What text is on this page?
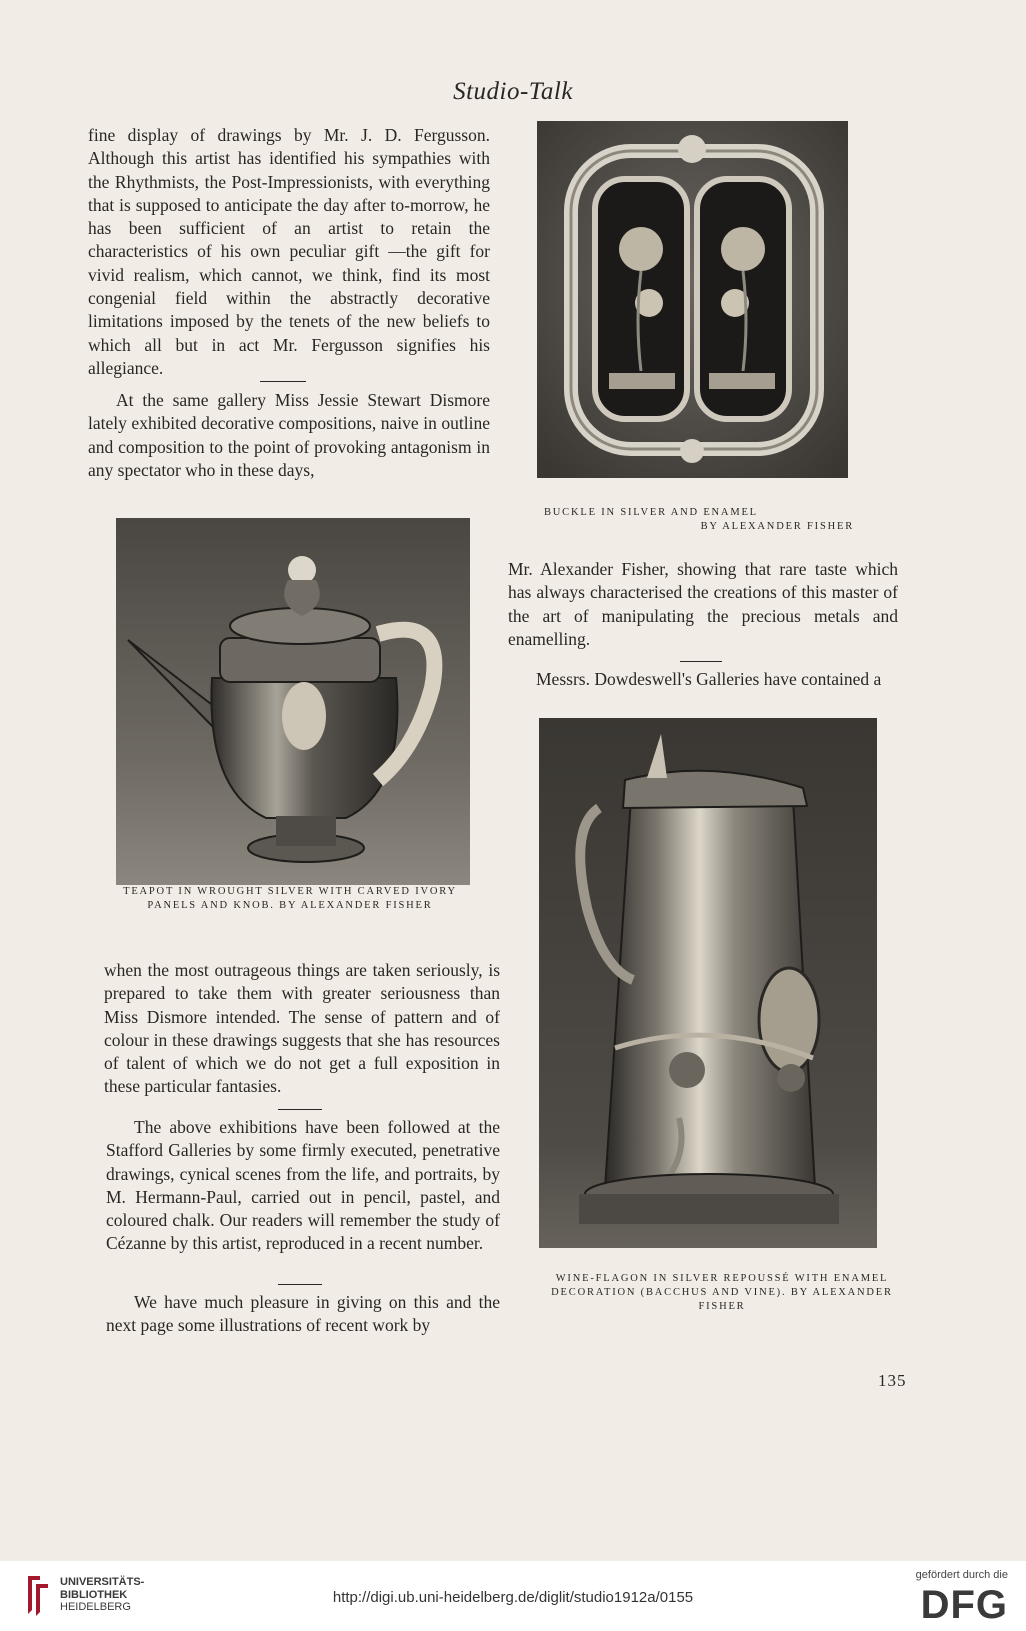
Studio-Talk

fine display of drawings by Mr. J. D. Fergusson. Although this artist has identified his sympathies with the Rhythmists, the Post-Impressionists, with everything that is supposed to anticipate the day after to-morrow, he has been sufficient of an artist to retain the characteristics of his own peculiar gift —the gift for vivid realism, which cannot, we think, find its most congenial field within the abstractly decorative limitations imposed by the tenets of the new beliefs to which all but in act Mr. Fergusson signifies his allegiance.

At the same gallery Miss Jessie Stewart Dismore lately exhibited decorative compositions, naive in outline and composition to the point of provoking antagonism in any spectator who in these days,

BUCKLE IN SILVER AND ENAMEL
BY ALEXANDER FISHER
TEAPOT IN WROUGHT SILVER WITH CARVED IVORY
PANELS AND KNOB. BY ALEXANDER FISHER

when the most outrageous things are taken seriously, is prepared to take them with greater seriousness than Miss Dismore intended. The sense of pattern and of colour in these drawings suggests that she has resources of talent of which we do not get a full exposition in these particular fantasies.

The above exhibitions have been followed at the Stafford Galleries by some firmly executed, penetrative drawings, cynical scenes from the life, and portraits, by M. Hermann-Paul, carried out in pencil, pastel, and coloured chalk. Our readers will remember the study of Cézanne by this artist, reproduced in a recent number.

We have much pleasure in giving on this and the next page some illustrations of recent work by

Mr. Alexander Fisher, showing that rare taste which has always characterised the creations of this master of the art of manipulating the precious metals and enamelling.

Messrs. Dowdeswell's Galleries have contained a

WINE-FLAGON IN SILVER REPOUSSÉ WITH ENAMEL
DECORATION (BACCHUS AND VINE). BY ALEXANDER
FISHER
135
UNIVERSITÄTS-
BIBLIOTHEK
HEIDELBERG
http://digi.ub.uni-heidelberg.de/diglit/studio1912a/0155
gefördert durch die
DFG
